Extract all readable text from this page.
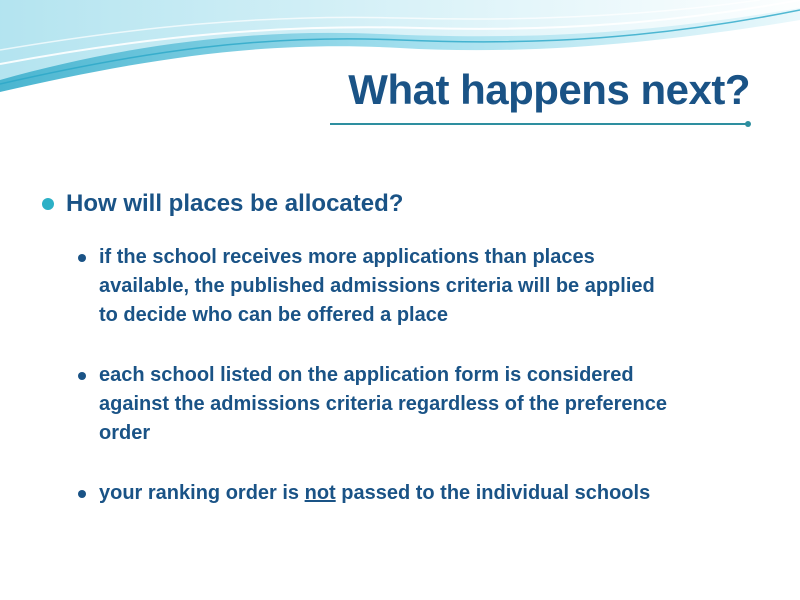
What happens next?
How will places be allocated?
if the school receives more applications than places
available, the published admissions criteria will be applied
to decide who can be offered a place
each school listed on the application form is considered
against the admissions criteria regardless of the preference
order
your ranking order is not passed to the individual schools
